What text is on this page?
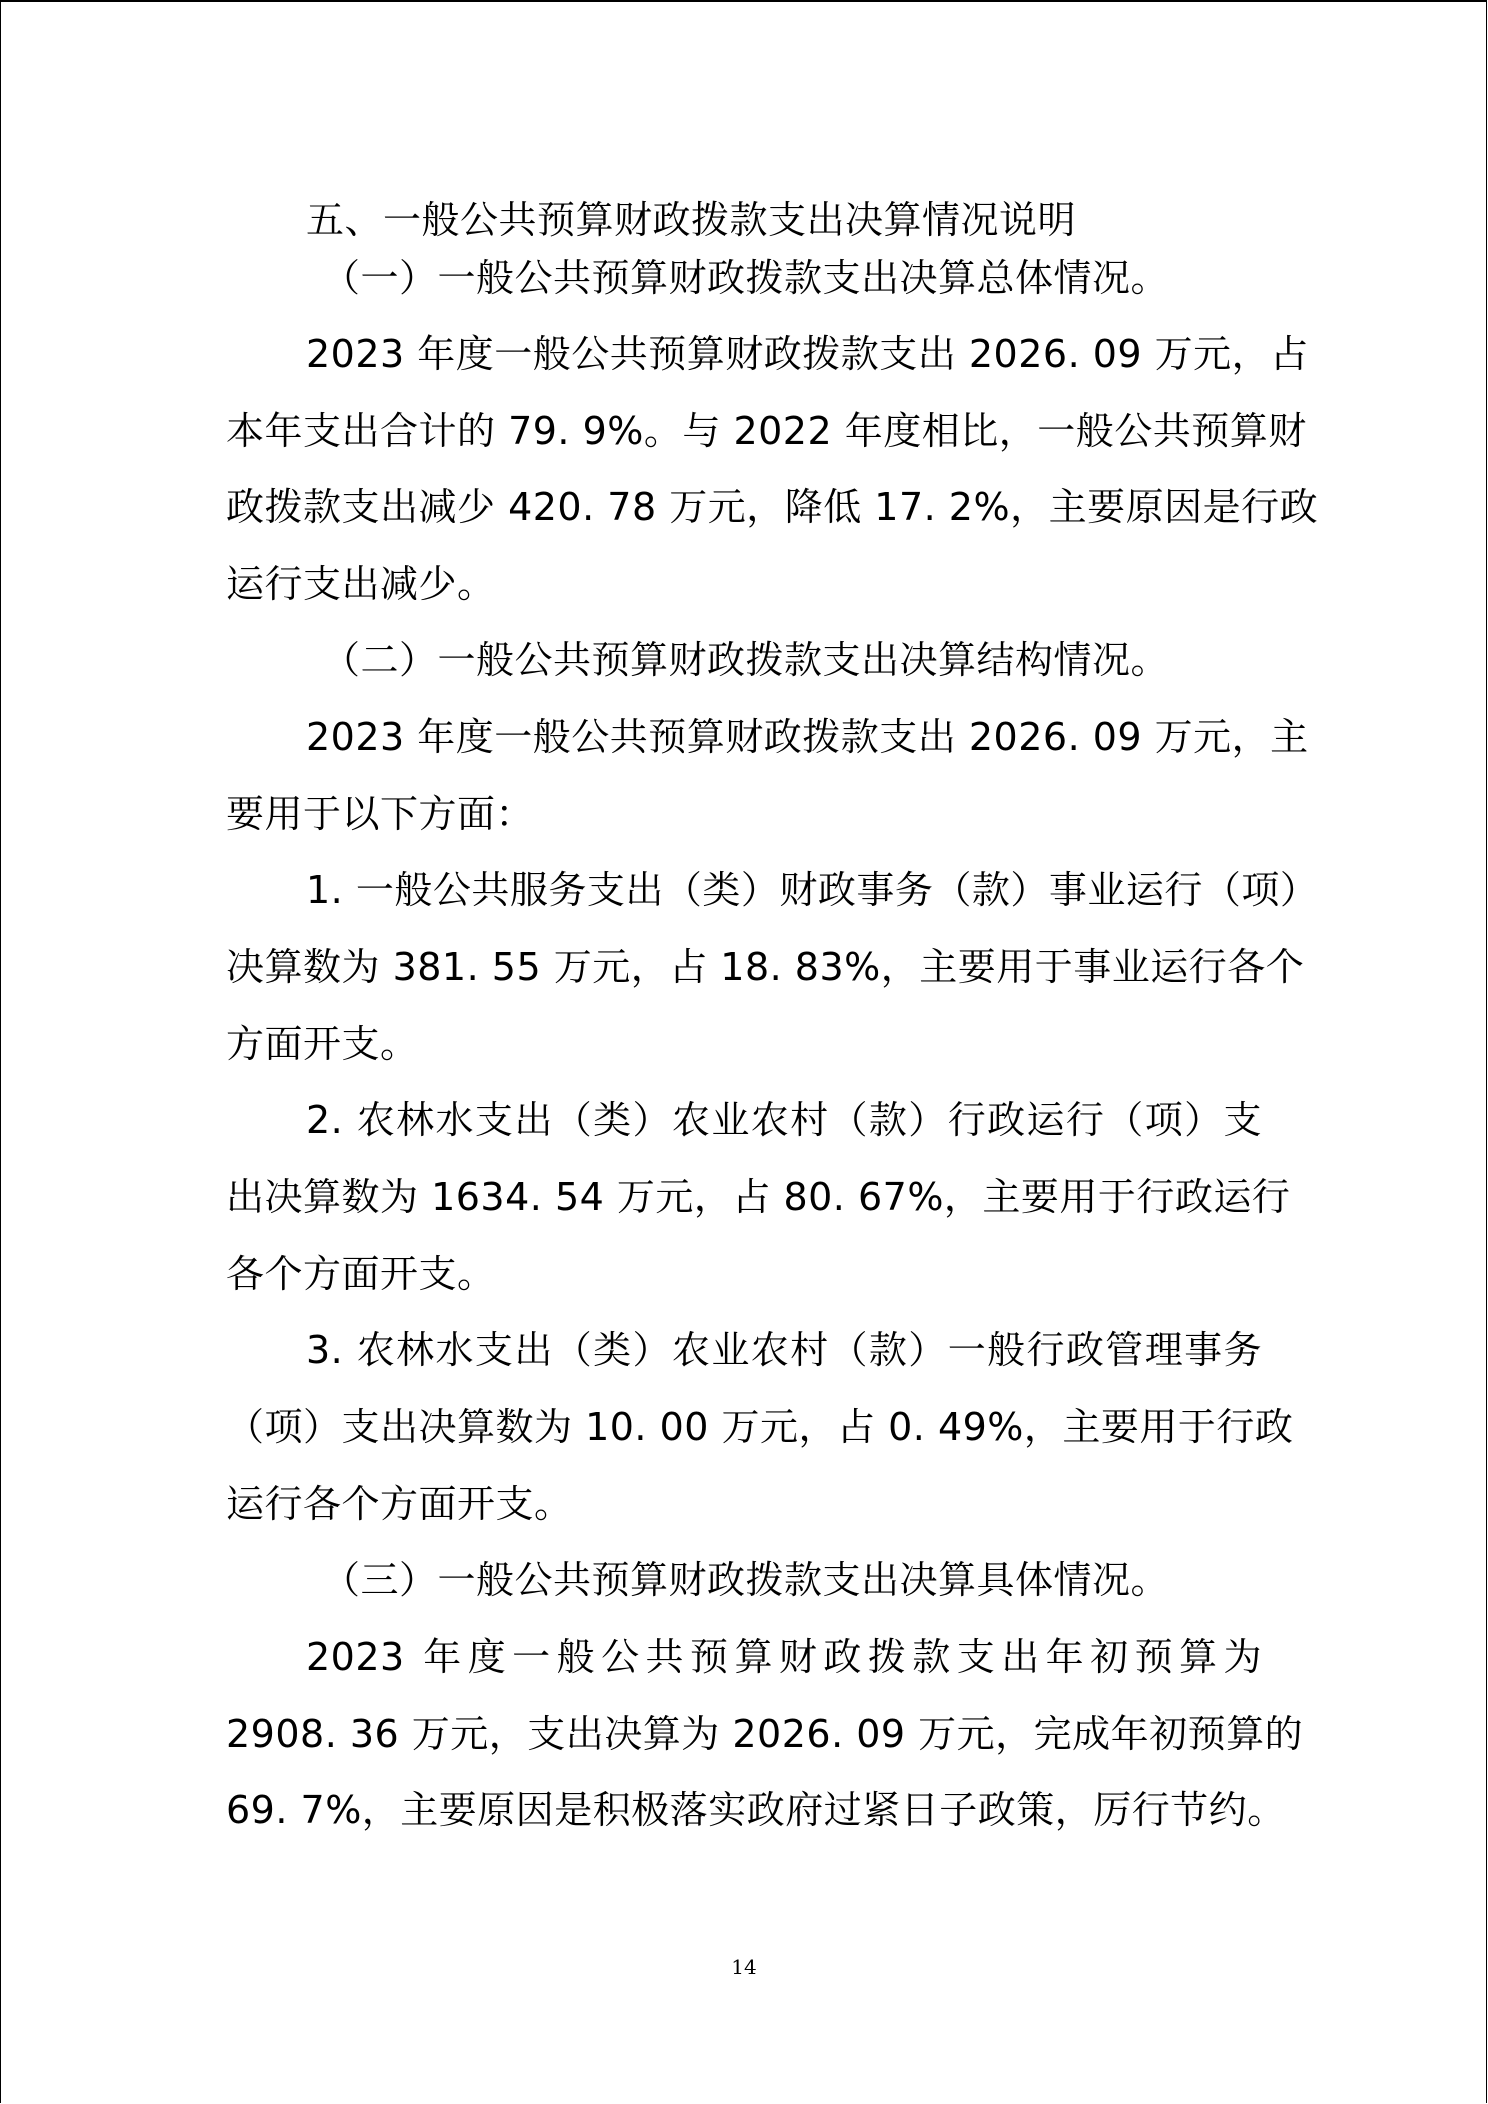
五、一般公共预算财政拨款支出决算情况说明
（一）一般公共预算财政拨款支出决算总体情况。
2023 年度一般公共预算财政拨款支出 2026. 09 万元，占
本年支出合计的 79. 9%。与 2022 年度相比，一般公共预算财
政拨款支出减少 420. 78 万元，降低 17. 2%，主要原因是行政
运行支出减少。
（二）一般公共预算财政拨款支出决算结构情况。
2023 年度一般公共预算财政拨款支出 2026. 09 万元，主
要用于以下方面：
1. 一般公共服务支出（类）财政事务（款）事业运行（项）
决算数为 381. 55 万元，占 18. 83%，主要用于事业运行各个
方面开支。
2. 农林水支出（类）农业农村（款）行政运行（项）支
出决算数为 1634. 54 万元，占 80. 67%，主要用于行政运行
各个方面开支。
3. 农林水支出（类）农业农村（款）一般行政管理事务
（项）支出决算数为 10. 00 万元，占 0. 49%，主要用于行政
运行各个方面开支。
（三）一般公共预算财政拨款支出决算具体情况。
2023 年度一般公共预算财政拨款支出年初预算为
2908. 36 万元，支出决算为 2026. 09 万元，完成年初预算的
69. 7%，主要原因是积极落实政府过紧日子政策，厉行节约。
14
